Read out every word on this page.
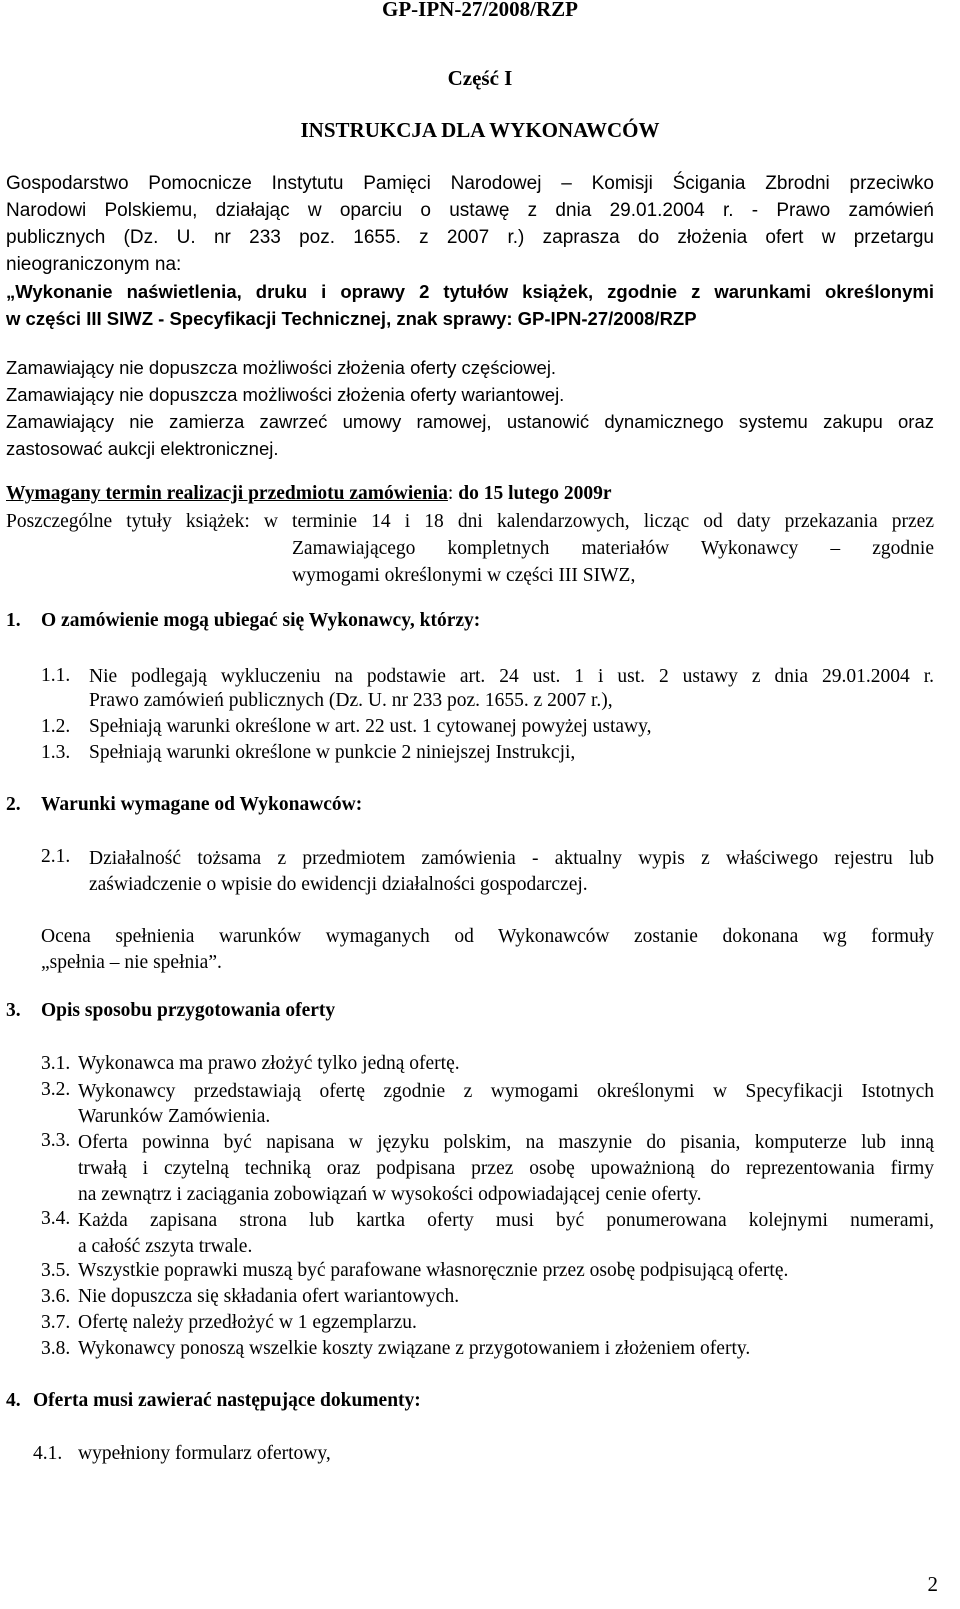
GP-IPN-27/2008/RZP
Część I
INSTRUKCJA DLA WYKONAWCÓW
Gospodarstwo Pomocnicze Instytutu Pamięci Narodowej – Komisji Ścigania Zbrodni przeciwko
Narodowi Polskiemu, działając w oparciu o ustawę z dnia 29.01.2004 r. - Prawo zamówień
publicznych (Dz. U. nr 233 poz. 1655. z 2007 r.) zaprasza do złożenia ofert w przetargu
nieograniczonym na:
„Wykonanie naświetlenia, druku i oprawy 2 tytułów książek, zgodnie z warunkami określonymi
w części III SIWZ - Specyfikacji Technicznej, znak sprawy: GP-IPN-27/2008/RZP
Zamawiający nie dopuszcza możliwości złożenia oferty częściowej.
Zamawiający nie dopuszcza możliwości złożenia oferty wariantowej.
Zamawiający nie zamierza zawrzeć umowy ramowej, ustanowić dynamicznego systemu zakupu oraz
zastosować aukcji elektronicznej.
Wymagany termin realizacji przedmiotu zamówienia: do 15 lutego 2009r
Poszczególne tytuły książek: w terminie 14 i 18 dni kalendarzowych, licząc od daty przekazania przez
Zamawiającego kompletnych materiałów Wykonawcy – zgodnie
wymogami określonymi w części III SIWZ,
1. O zamówienie mogą ubiegać się Wykonawcy, którzy:
1.1. Nie podlegają wykluczeniu na podstawie art. 24 ust. 1 i ust. 2 ustawy z dnia 29.01.2004 r.
Prawo zamówień publicznych (Dz. U. nr 233 poz. 1655. z 2007 r.),
1.2. Spełniają warunki określone w art. 22 ust. 1 cytowanej powyżej ustawy,
1.3. Spełniają warunki określone w punkcie 2 niniejszej Instrukcji,
2. Warunki wymagane od Wykonawców:
2.1. Działalność tożsama z przedmiotem zamówienia - aktualny wypis z właściwego rejestru lub
zaświadczenie o wpisie do ewidencji działalności gospodarczej.
Ocena spełnienia warunków wymaganych od Wykonawców zostanie dokonana wg formuły
„spełnia – nie spełnia”.
3. Opis sposobu przygotowania oferty
3.1. Wykonawca ma prawo złożyć tylko jedną ofertę.
3.2. Wykonawcy przedstawiają ofertę zgodnie z wymogami określonymi w Specyfikacji Istotnych
Warunków Zamówienia.
3.3. Oferta powinna być napisana w języku polskim, na maszynie do pisania, komputerze lub inną
trwałą i czytelną techniką oraz podpisana przez osobę upoważnioną do reprezentowania firmy
na zewnątrz i zaciągania zobowiązań w wysokości odpowiadającej cenie oferty.
3.4. Każda zapisana strona lub kartka oferty musi być ponumerowana kolejnymi numerami,
a całość zszyta trwale.
3.5. Wszystkie poprawki muszą być parafowane własnoręcznie przez osobę podpisującą ofertę.
3.6. Nie dopuszcza się składania ofert wariantowych.
3.7. Ofertę należy przedłożyć w 1 egzemplarzu.
3.8. Wykonawcy ponoszą wszelkie koszty związane z przygotowaniem i złożeniem oferty.
4. Oferta musi zawierać następujące dokumenty:
4.1. wypełniony formularz ofertowy,
2
